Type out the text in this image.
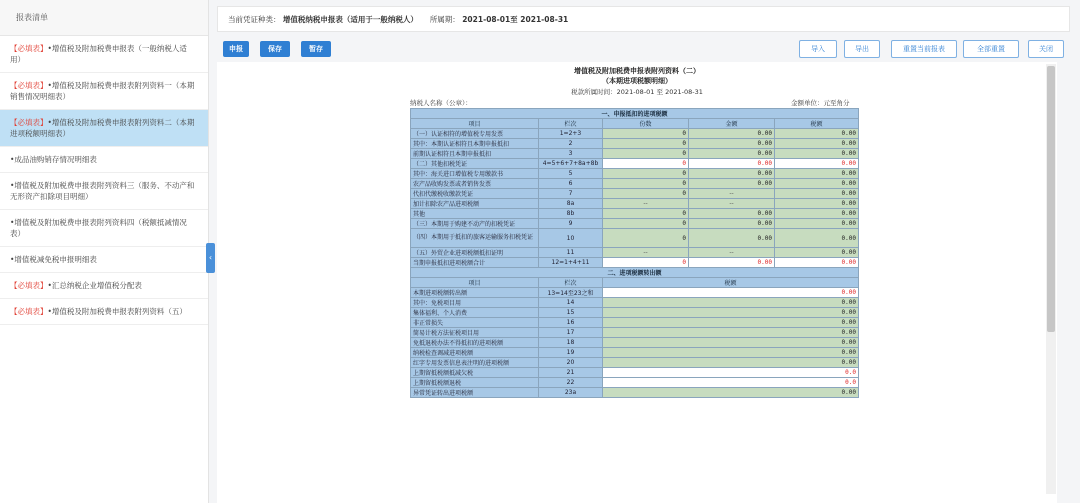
报表清单
【必填表】•增值税及附加税费申报表（一般纳税人适用）
【必填表】•增值税及附加税费申报表附列资料一（本期销售情况明细表）
【必填表】•增值税及附加税费申报表附列资料二（本期进项税额明细表）
•成品油购销存情况明细表
•增值税及附加税费申报表附列资料三（服务、不动产和无形资产扣除项目明细）
•增值税及附加税费申报表附列资料四（税额抵减情况表）
•增值税减免税申报明细表
【必填表】•汇总纳税企业增值税分配表
【必填表】•增值税及附加税费申报表附列资料（五）
‹
当前凭证种类： 增值税纳税申报表（适用于一般纳税人） 所属期： 2021-08-01至 2021-08-31
申报	保存	暂存	导入	导出	重置当前报表	全部重置	关闭
增值税及附加税费申报表附列资料（二）
（本期进项税额明细）
税款所属时间：2021-08-01 至 2021-08-31
纳税人名称（公章）：	金额单位：元至角分
一、申报抵扣的进项税额				
项目	栏次	份数	金额	税额
（一）认证相符的增值税专用发票	1=2+3	0	0.00	0.00
其中：本期认证相符且本期申报抵扣	2	0	0.00	0.00
前期认证相符且本期申报抵扣	3	0	0.00	0.00
（二）其他扣税凭证	4=5+6+7+8a+8b	0	0.00	0.00
其中：海关进口增值税专用缴款书	5	0	0.00	0.00
农产品收购发票或者销售发票	6	0	0.00	0.00
代扣代缴税收缴款凭证	7	0	--	0.00
加计扣除农产品进项税额	8a	--	--	0.00
其他	8b	0	0.00	0.00
（三）本期用于购建不动产的扣税凭证	9	0	0.00	0.00
（四）本期用于抵扣的旅客运输服务扣税凭证	10	0	0.00	0.00
（五）外贸企业进项税额抵扣证明	11	--	--	0.00
当期申报抵扣进项税额合计	12=1+4+11	0	0.00	0.00
二、进项税额转出额				
项目	栏次	税额		
本期进项税额转出额	13=14至23之和	0.00		
其中：免税项目用	14	0.00		
集体福利、个人消费	15	0.00		
非正常损失	16	0.00		
简易计税方法征税项目用	17	0.00		
免抵退税办法不得抵扣的进项税额	18	0.00		
纳税检查调减进项税额	19	0.00		
红字专用发票信息表注明的进项税额	20	0.00		
上期留抵税额抵减欠税	21	0.0		
上期留抵税额退税	22	0.0		
异常凭证转出进项税额	23a	0.00		
